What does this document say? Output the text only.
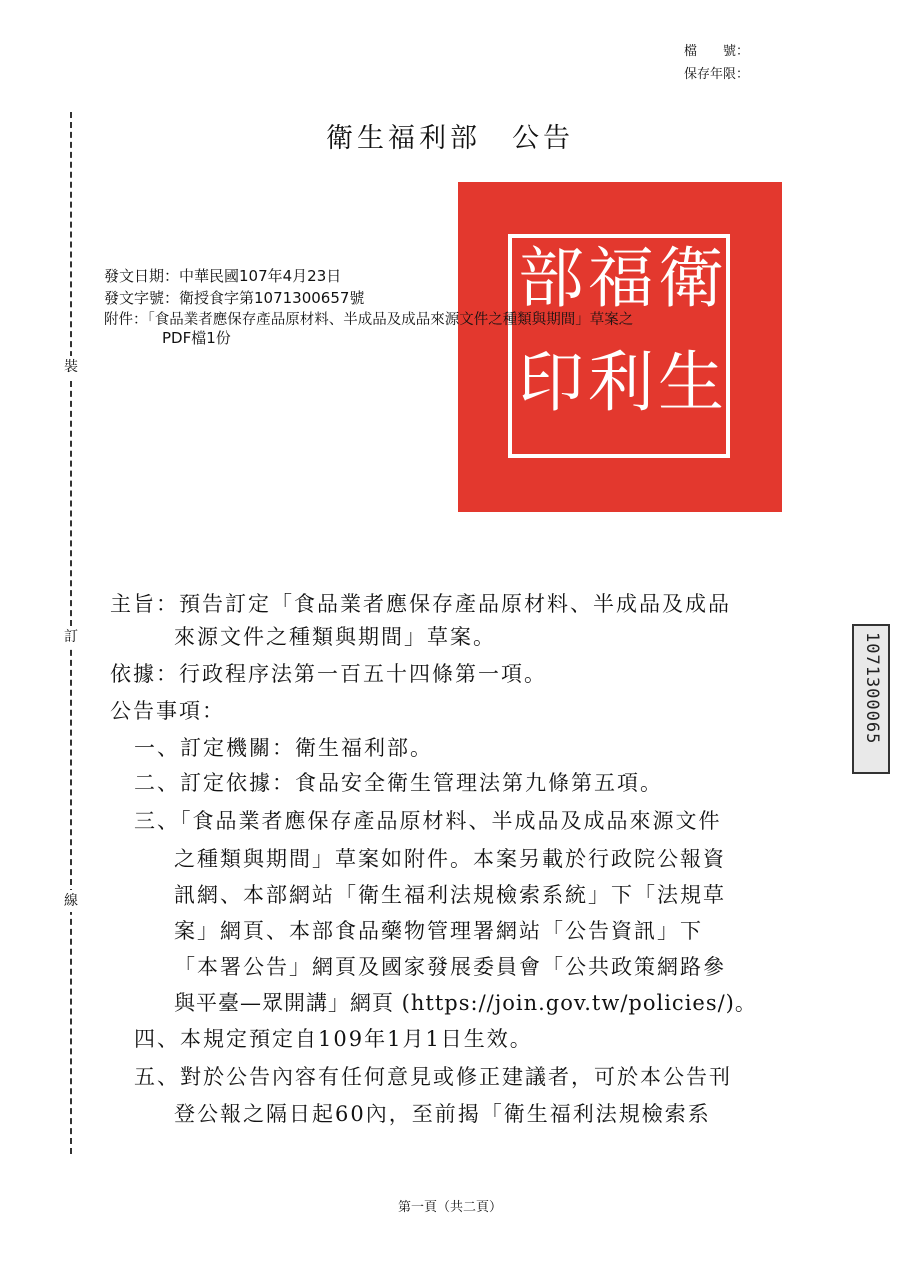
檔　　號：
保存年限：
裝
訂
線
衛生福利部　公告
衛
生
福
利
部
印
發文日期：中華民國107年4月23日
發文字號：衛授食字第1071300657號
附件：「食品業者應保存產品原材料、半成品及成品來源文件之種類與期間」草案之
PDF檔1份
主旨：預告訂定「食品業者應保存產品原材料、半成品及成品
來源文件之種類與期間」草案。
依據：行政程序法第一百五十四條第一項。
公告事項：
一、訂定機關：衛生福利部。
二、訂定依據：食品安全衛生管理法第九條第五項。
三、「食品業者應保存產品原材料、半成品及成品來源文件
之種類與期間」草案如附件。本案另載於行政院公報資
訊網、本部網站「衛生福利法規檢索系統」下「法規草
案」網頁、本部食品藥物管理署網站「公告資訊」下
「本署公告」網頁及國家發展委員會「公共政策網路參
與平臺—眾開講」網頁 (https://join.gov.tw/policies/)。
四、本規定預定自109年1月1日生效。
五、對於公告內容有任何意見或修正建議者，可於本公告刊
登公報之隔日起60內，至前揭「衛生福利法規檢索系
1071300065
第一頁（共二頁）
